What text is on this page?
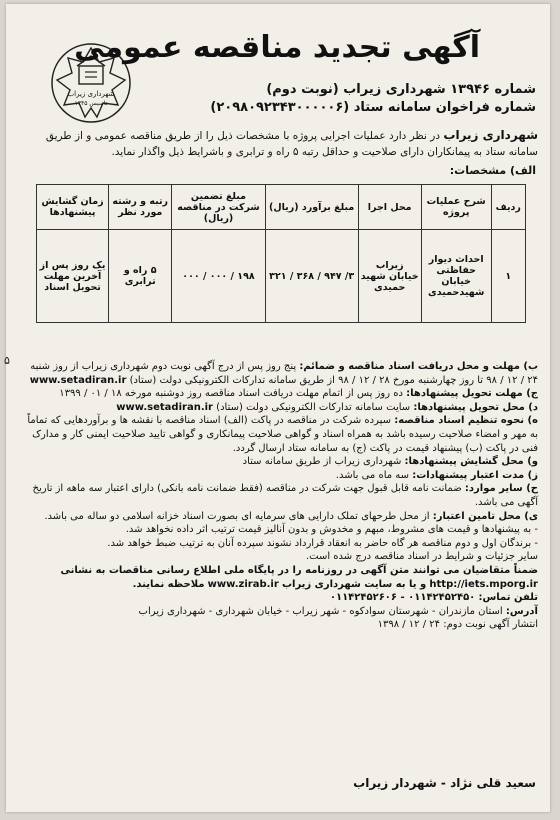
شهرداری زیراب
تاسیس ۱۳۴۵
آگهی تجدید مناقصه عمومی
شماره ۱۳۹۴۶ شهرداری زیراب (نوبت دوم)
شماره فراخوان سامانه ستاد (۲۰۹۸۰۹۲۳۴۳۰۰۰۰۰۶)
شهرداری زیراب در نظر دارد عملیات اجرایی پروژه با مشخصات ذیل را از طریق مناقصه عمومی و از طریق سامانه ستاد به پیمانکاران دارای صلاحیت و حداقل رتبه ۵ راه و ترابری و باشرایط ذیل واگذار نماید.
الف) مشخصات:
ردیف	شرح عملیات پروژه	محل اجرا	مبلغ برآورد (ریال)	مبلغ تضمین شرکت در مناقصه (ریال)	رتبه و رشته مورد نظر	زمان گشایش پیشنهادها
۱	احداث دیوار حفاظتی خیابان شهیدحمیدی	زیراب خیابان شهید حمیدی	۳/ ۹۴۷ / ۳۶۸ / ۳۲۱	۱۹۸ / ۰۰۰ / ۰۰۰	۵ راه و ترابری	یک روز پس از آخرین مهلت تحویل اسناد

ب) مهلت و محل دریافت اسناد مناقصه و ضمائم: پنج روز پس از درج آگهی نوبت دوم شهرداری زیراب از روز شنبه ۲۴ / ۱۲ / ۹۸ تا روز چهارشنبه مورخ ۲۸ / ۱۲ / ۹۸ از طریق سامانه تدارکات الکترونیکی دولت (ستاد) www.setadiran.ir

ج) مهلت تحویل پیشنهادها: ده روز پس از اتمام مهلت دریافت اسناد مناقصه روز دوشنبه مورخه ۱۸ / ۰۱ / ۱۳۹۹

د) محل تحویل پیشنهادها: سایت سامانه تدارکات الکترونیکی دولت (ستاد) www.setadiran.ir

ه) نحوه تنظیم اسناد مناقصه: سپرده شرکت در مناقصه در پاکت (الف) اسناد مناقصه با نقشه ها و برآوردهایی که تماماً به مهر و امضاء صلاحیت رسیده باشد به همراه اسناد و گواهی صلاحیت پیمانکاری و گواهی تایید صلاحیت ایمنی کار و مدارک فنی در پاکت (ب) پیشنهاد قیمت در پاکت (ج) به سامانه ستاد ارسال گردد.

و) محل گشایش پیشنهادها: شهرداری زیراب از طریق سامانه ستاد

ز) مدت اعتبار پیشنهادات: سه ماه می باشد.

ح) سایر موارد: ضمانت نامه قابل قبول جهت شرکت در مناقصه (فقط ضمانت نامه بانکی) دارای اعتبار سه ماهه از تاریخ آگهی می باشد.

ی) محل تامین اعتبار: از محل طرحهای تملک دارایی های سرمایه ای بصورت اسناد خزانه اسلامی دو ساله می باشد.

- به پیشنهادها و قیمت های مشروط، مبهم و مخدوش و بدون آنالیز قیمت ترتیب اثر داده نخواهد شد.

- برندگان اول و دوم مناقصه هر گاه حاضر به انعقاد قرارداد نشوند سپرده آنان به ترتیب ضبط خواهد شد.

سایر جزئیات و شرایط در اسناد مناقصه درج شده است.

ضمناً متقاضیان می توانند متن آگهی در روزنامه را در پایگاه ملی اطلاع رسانی مناقصات به نشانی http://iets.mporg.ir و یا به سایت شهرداری زیراب www.zirab.ir ملاحظه نمایند.

تلفن تماس: ۰۱۱۴۲۴۵۲۴۵۰ - ۰۱۱۴۲۴۵۲۶۰۶

آدرس: استان مازندران - شهرستان سوادکوه - شهر زیراب - خیابان شهرداری - شهرداری زیراب

انتشار آگهی نوبت دوم: ۲۴ / ۱۲ / ۱۳۹۸

سعید قلی نژاد - شهردار زیراب
۵
